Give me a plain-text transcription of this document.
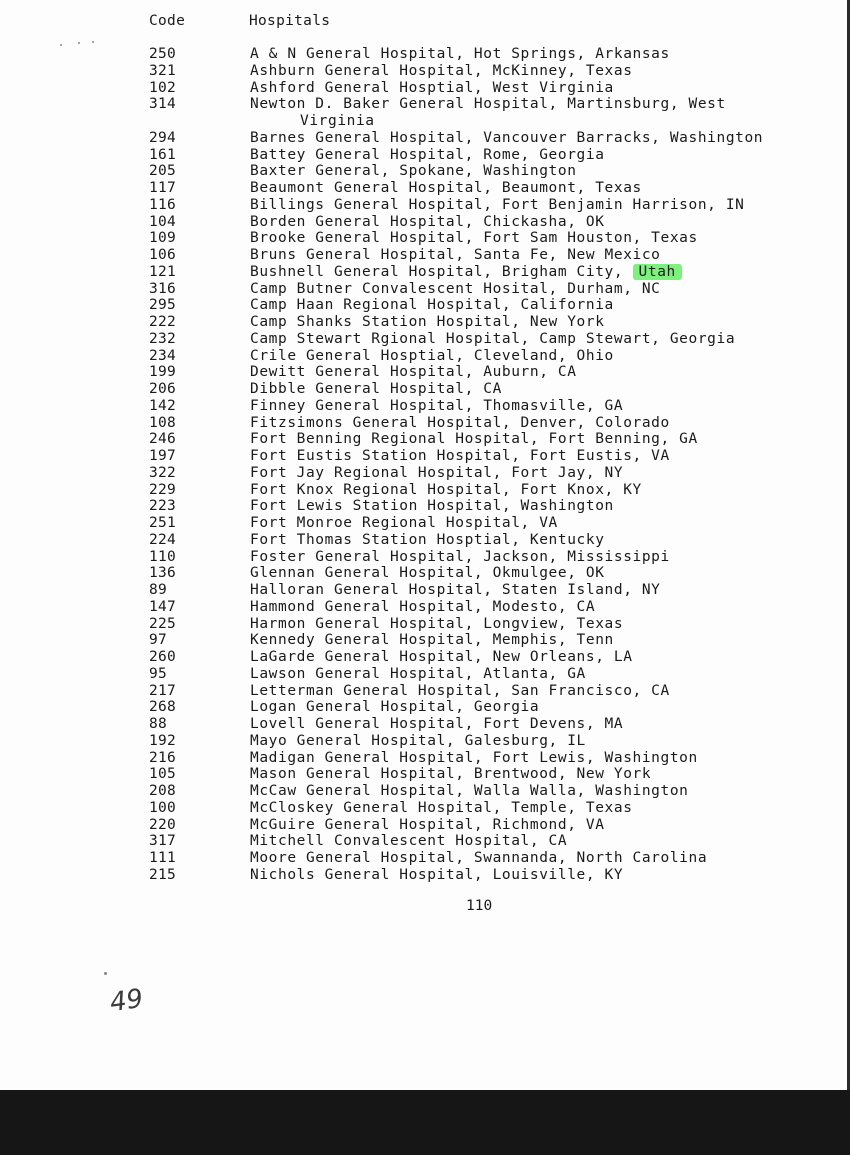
Code	Hospitals
250	A & N General Hospital, Hot Springs, Arkansas
321	Ashburn General Hospital, McKinney, Texas
102	Ashford General Hosptial, West Virginia
314	Newton D. Baker General Hospital, Martinsburg, West
Virginia
294	Barnes General Hospital, Vancouver Barracks, Washington
161	Battey General Hospital, Rome, Georgia
205	Baxter General, Spokane, Washington
117	Beaumont General Hospital, Beaumont, Texas
116	Billings General Hospital, Fort Benjamin Harrison, IN
104	Borden General Hospital, Chickasha, OK
109	Brooke General Hospital, Fort Sam Houston, Texas
106	Bruns General Hospital, Santa Fe, New Mexico
121	Bushnell General Hospital, Brigham City, Utah
316	Camp Butner Convalescent Hosital, Durham, NC
295	Camp Haan Regional Hospital, California
222	Camp Shanks Station Hospital, New York
232	Camp Stewart Rgional Hospital, Camp Stewart, Georgia
234	Crile General Hosptial, Cleveland, Ohio
199	Dewitt General Hospital, Auburn, CA
206	Dibble General Hospital, CA
142	Finney General Hospital, Thomasville, GA
108	Fitzsimons General Hospital, Denver, Colorado
246	Fort Benning Regional Hospital, Fort Benning, GA
197	Fort Eustis Station Hospital, Fort Eustis, VA
322	Fort Jay Regional Hospital, Fort Jay, NY
229	Fort Knox Regional Hospital, Fort Knox, KY
223	Fort Lewis Station Hospital, Washington
251	Fort Monroe Regional Hospital, VA
224	Fort Thomas Station Hosptial, Kentucky
110	Foster General Hospital, Jackson, Mississippi
136	Glennan General Hospital, Okmulgee, OK
89	Halloran General Hospital, Staten Island, NY
147	Hammond General Hospital, Modesto, CA
225	Harmon General Hospital, Longview, Texas
97	Kennedy General Hospital, Memphis, Tenn
260	LaGarde General Hospital, New Orleans, LA
95	Lawson General Hospital, Atlanta, GA
217	Letterman General Hospital, San Francisco, CA
268	Logan General Hospital, Georgia
88	Lovell General Hospital, Fort Devens, MA
192	Mayo General Hospital, Galesburg, IL
216	Madigan General Hospital, Fort Lewis, Washington
105	Mason General Hospital, Brentwood, New York
208	McCaw General Hospital, Walla Walla, Washington
100	McCloskey General Hospital, Temple, Texas
220	McGuire General Hospital, Richmond, VA
317	Mitchell Convalescent Hospital, CA
111	Moore General Hospital, Swannanda, North Carolina
215	Nichols General Hospital, Louisville, KY
110
49
